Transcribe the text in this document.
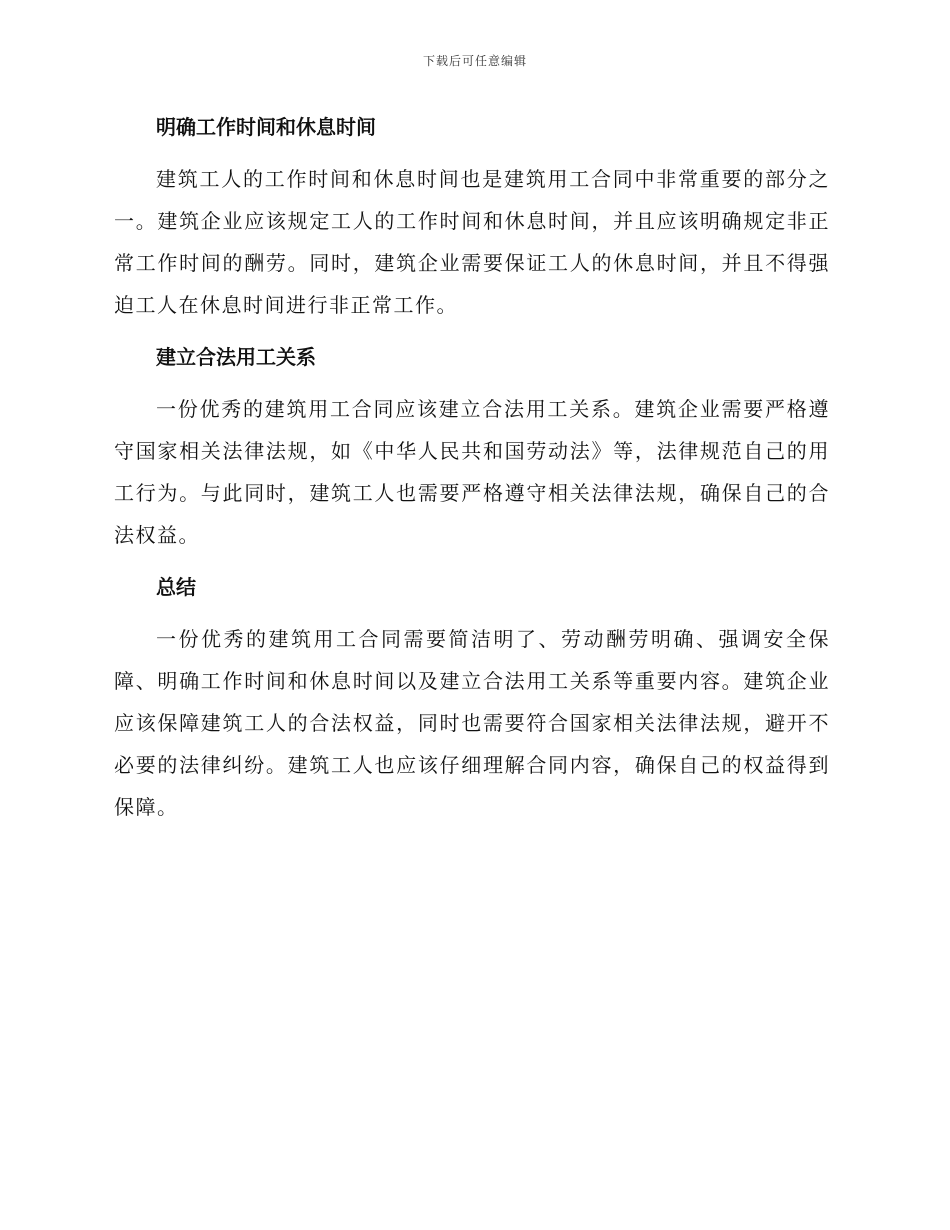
下载后可任意编辑
明确工作时间和休息时间

建筑工人的工作时间和休息时间也是建筑用工合同中非常重要的部分之一。建筑企业应该规定工人的工作时间和休息时间，并且应该明确规定非正常工作时间的酬劳。同时，建筑企业需要保证工人的休息时间，并且不得强迫工人在休息时间进行非正常工作。

建立合法用工关系

一份优秀的建筑用工合同应该建立合法用工关系。建筑企业需要严格遵守国家相关法律法规，如《中华人民共和国劳动法》等，法律规范自己的用工行为。与此同时，建筑工人也需要严格遵守相关法律法规，确保自己的合法权益。

总结

一份优秀的建筑用工合同需要简洁明了、劳动酬劳明确、强调安全保障、明确工作时间和休息时间以及建立合法用工关系等重要内容。建筑企业应该保障建筑工人的合法权益，同时也需要符合国家相关法律法规，避开不必要的法律纠纷。建筑工人也应该仔细理解合同内容，确保自己的权益得到保障。
